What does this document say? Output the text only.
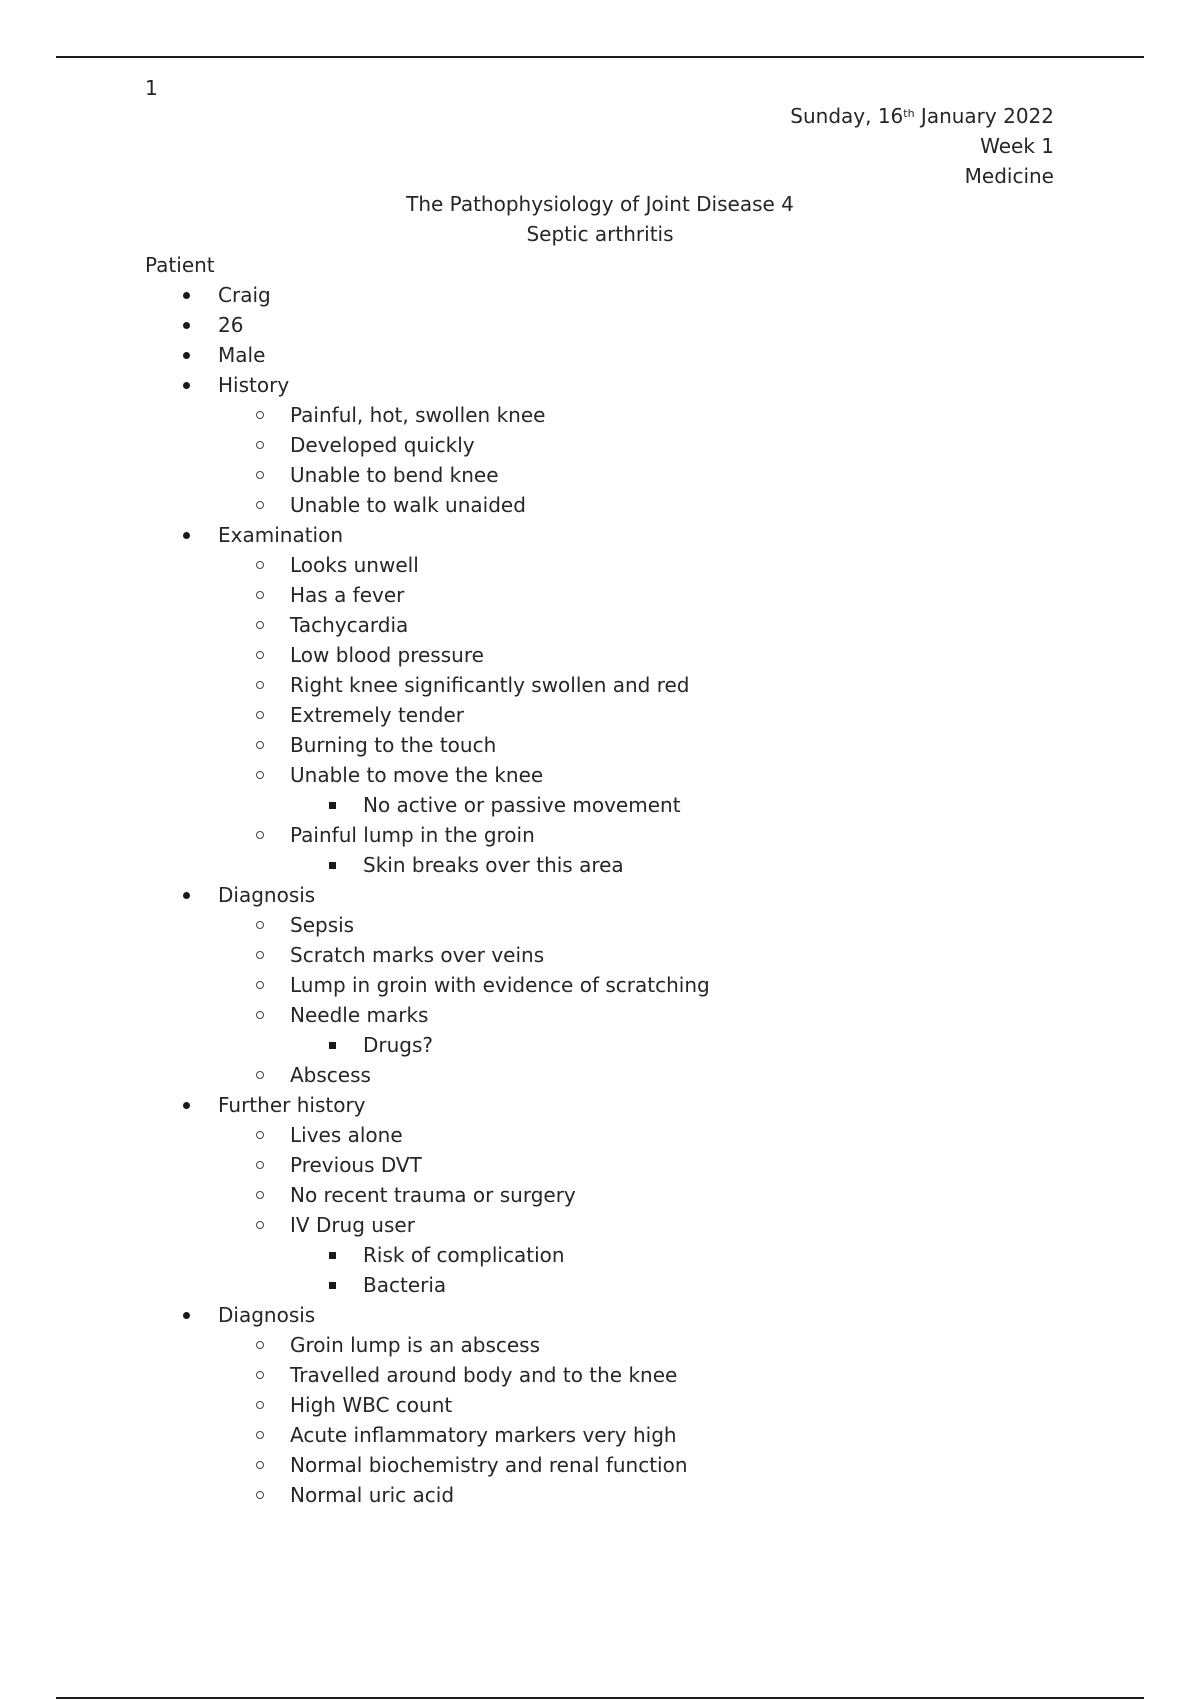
1
Sunday, 16th January 2022
Week 1
Medicine
The Pathophysiology of Joint Disease 4
Septic arthritis
Patient
Craig
26
Male
History
Painful, hot, swollen knee
Developed quickly
Unable to bend knee
Unable to walk unaided
Examination
Looks unwell
Has a fever
Tachycardia
Low blood pressure
Right knee significantly swollen and red
Extremely tender
Burning to the touch
Unable to move the knee
No active or passive movement
Painful lump in the groin
Skin breaks over this area
Diagnosis
Sepsis
Scratch marks over veins
Lump in groin with evidence of scratching
Needle marks
Drugs?
Abscess
Further history
Lives alone
Previous DVT
No recent trauma or surgery
IV Drug user
Risk of complication
Bacteria
Diagnosis
Groin lump is an abscess
Travelled around body and to the knee
High WBC count
Acute inflammatory markers very high
Normal biochemistry and renal function
Normal uric acid
